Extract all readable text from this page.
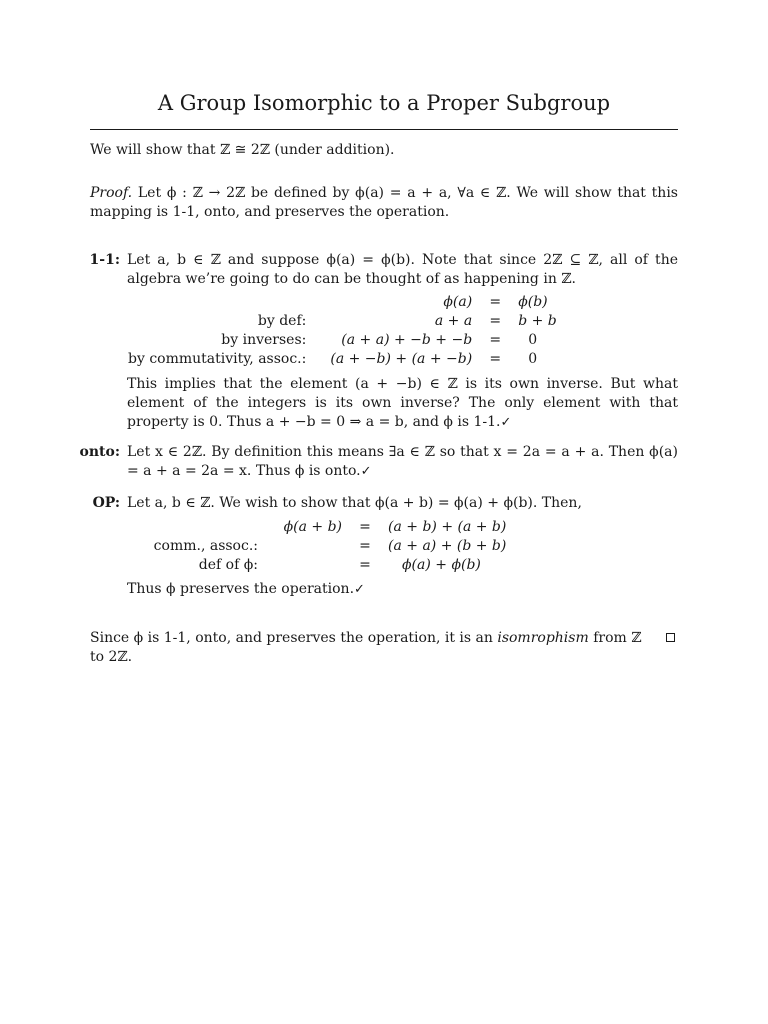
A Group Isomorphic to a Proper Subgroup
We will show that ℤ ≅ 2ℤ (under addition).
Proof. Let ϕ : ℤ → 2ℤ be defined by ϕ(a) = a + a, ∀a ∈ ℤ. We will show that this mapping is 1-1, onto, and preserves the operation.
1-1: Let a, b ∈ ℤ and suppose ϕ(a) = ϕ(b). Note that since 2ℤ ⊆ ℤ, all of the algebra we’re going to do can be thought of as happening in ℤ.
	ϕ(a)	=	ϕ(b)
by def:	a + a	=	b + b
by inverses:	(a + a) + −b + −b	=	0
by commutativity, assoc.:	(a + −b) + (a + −b)	=	0
This implies that the element (a + −b) ∈ ℤ is its own inverse. But what element of the integers is its own inverse? The only element with that property is 0. Thus a + −b = 0 ⇒ a = b, and ϕ is 1-1.✓
onto: Let x ∈ 2ℤ. By definition this means ∃a ∈ ℤ so that x = 2a = a + a. Then ϕ(a) = a + a = 2a = x. Thus ϕ is onto.✓
OP: Let a, b ∈ ℤ. We wish to show that ϕ(a + b) = ϕ(a) + ϕ(b). Then,
	ϕ(a + b)	=	(a + b) + (a + b)
comm., assoc.:		=	(a + a) + (b + b)
def of ϕ:		=	ϕ(a) + ϕ(b)
Thus ϕ preserves the operation.✓
Since ϕ is 1-1, onto, and preserves the operation, it is an isomrophism from ℤ to 2ℤ.
